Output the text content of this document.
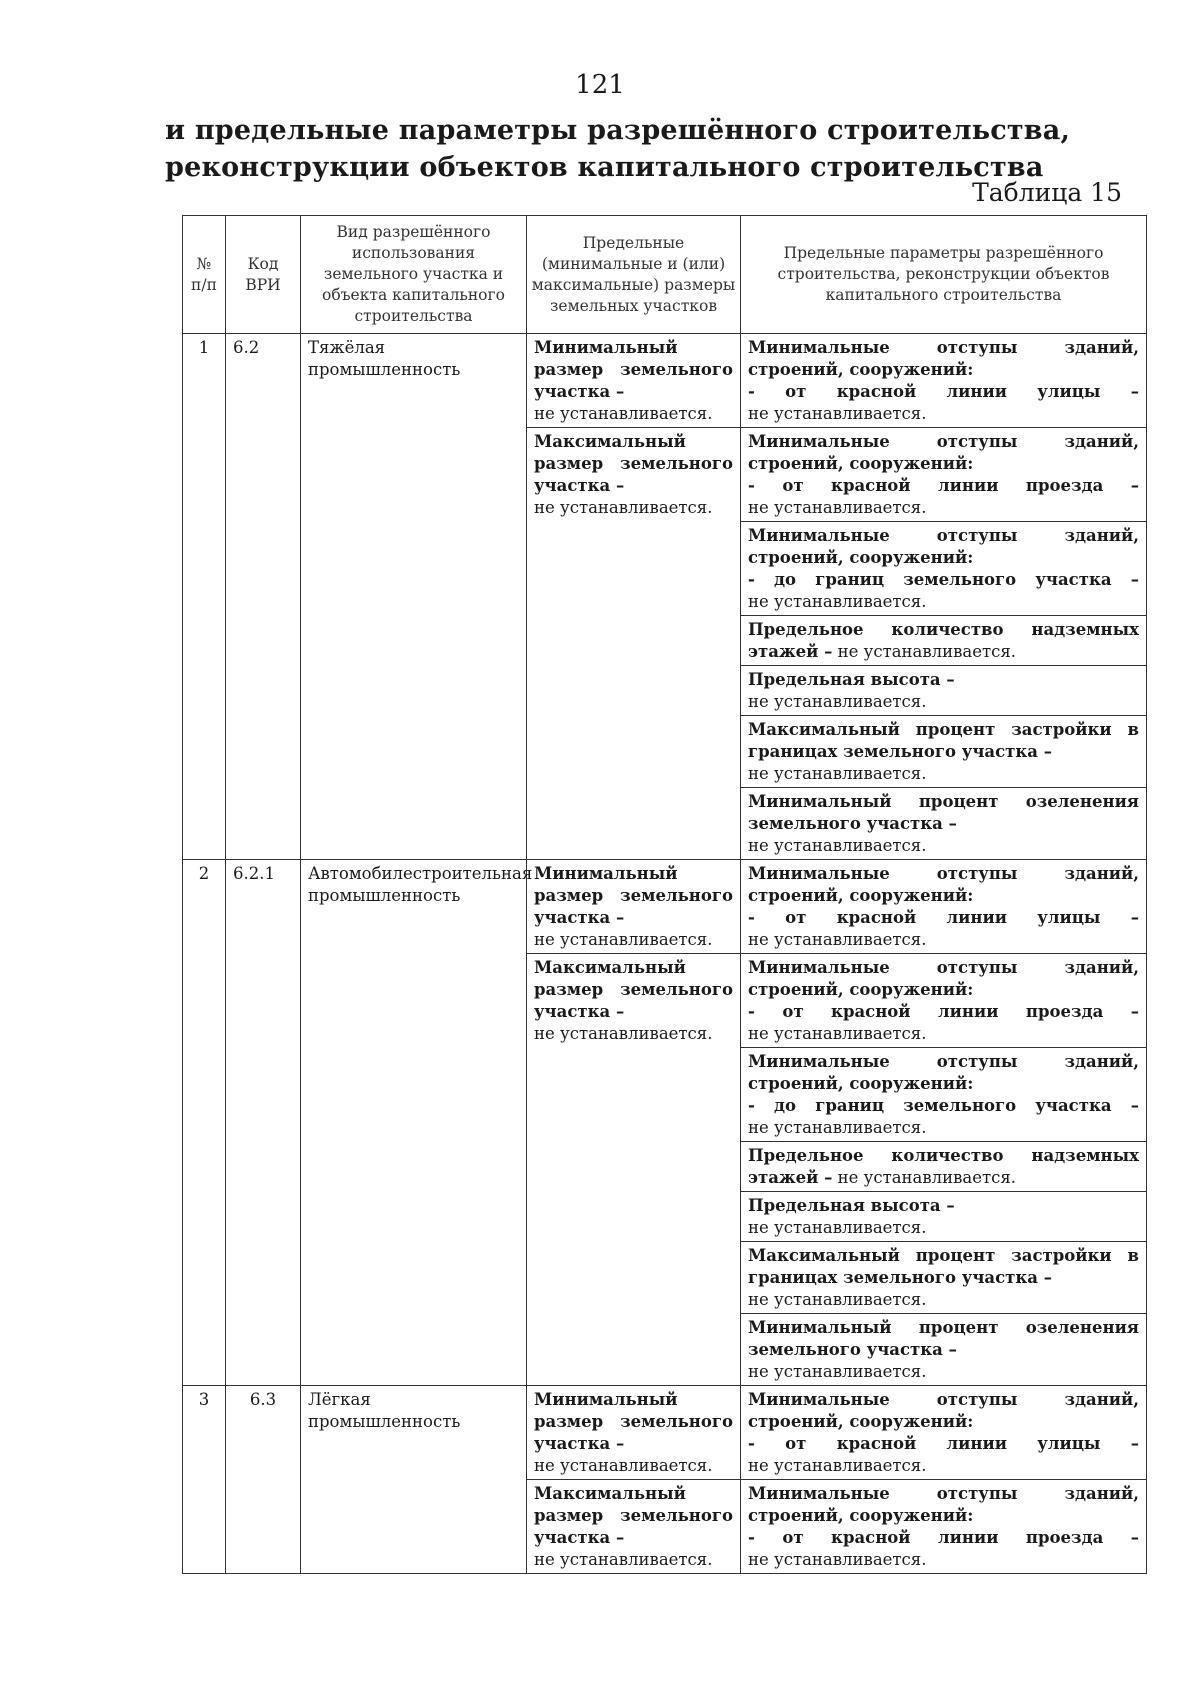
121
и предельные параметры разрешённого строительства, реконструкции объектов капитального строительства
Таблица 15
№ п/п	Код ВРИ	Вид разрешённого использования земельного участка и объекта капитального строительства	Предельные (минимальные и (или) максимальные) размеры земельных участков	Предельные параметры разрешённого строительства, реконструкции объектов капитального строительства
1	6.2	Тяжёлая промышленность	Минимальный размер земельного участка –
не устанавливается.	Минимальные отступы зданий, строений, сооружений:
- от красной линии улицы –
не устанавливается.

			Максимальный размер земельного участка –
не устанавливается.	Минимальные отступы зданий, строений, сооружений:
- от красной линии проезда –
не устанавливается.

				Минимальные отступы зданий, строений, сооружений:
- до границ земельного участка –
не устанавливается.

				Предельное количество надземных этажей – не устанавливается.
				Предельная высота –
не устанавливается.

				Максимальный процент застройки в границах земельного участка –
не устанавливается.

				Минимальный процент озеленения земельного участка –
не устанавливается.

2	6.2.1	Автомобилестроительная промышленность	Минимальный размер земельного участка –
не устанавливается.	Минимальные отступы зданий, строений, сооружений:
- от красной линии улицы –
не устанавливается.

			Максимальный размер земельного участка –
не устанавливается.	Минимальные отступы зданий, строений, сооружений:
- от красной линии проезда –
не устанавливается.

				Минимальные отступы зданий, строений, сооружений:
- до границ земельного участка –
не устанавливается.

				Предельное количество надземных этажей – не устанавливается.
				Предельная высота –
не устанавливается.

				Максимальный процент застройки в границах земельного участка –
не устанавливается.

				Минимальный процент озеленения земельного участка –
не устанавливается.

3	6.3	Лёгкая промышленность	Минимальный размер земельного участка –
не устанавливается.	Минимальные отступы зданий, строений, сооружений:
- от красной линии улицы –
не устанавливается.

			Максимальный размер земельного участка –
не устанавливается.	Минимальные отступы зданий, строений, сооружений:
- от красной линии проезда –
не устанавливается.
